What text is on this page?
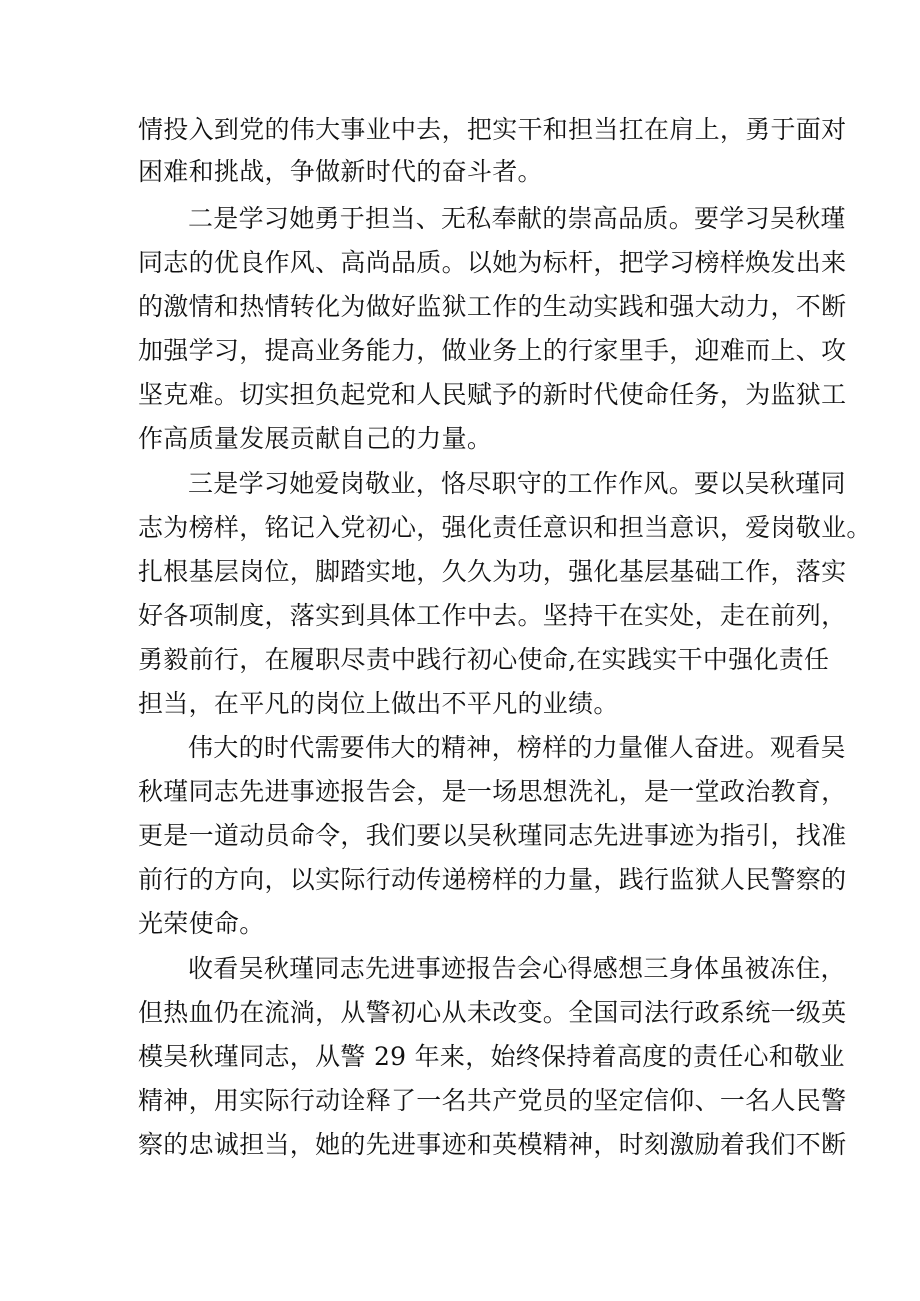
情投入到党的伟大事业中去，把实干和担当扛在肩上，勇于面对

困难和挑战，争做新时代的奋斗者。

二是学习她勇于担当、无私奉献的崇高品质。要学习吴秋瑾

同志的优良作风、高尚品质。以她为标杆，把学习榜样焕发出来

的激情和热情转化为做好监狱工作的生动实践和强大动力，不断

加强学习，提高业务能力，做业务上的行家里手，迎难而上、攻

坚克难。切实担负起党和人民赋予的新时代使命任务，为监狱工

作高质量发展贡献自己的力量。

三是学习她爱岗敬业，恪尽职守的工作作风。要以吴秋瑾同

志为榜样，铭记入党初心，强化责任意识和担当意识，爱岗敬业。

扎根基层岗位，脚踏实地，久久为功，强化基层基础工作，落实

好各项制度，落实到具体工作中去。坚持干在实处，走在前列，

勇毅前行，在履职尽责中践行初心使命,在实践实干中强化责任

担当，在平凡的岗位上做出不平凡的业绩。

伟大的时代需要伟大的精神，榜样的力量催人奋进。观看吴

秋瑾同志先进事迹报告会，是一场思想洗礼，是一堂政治教育，

更是一道动员命令，我们要以吴秋瑾同志先进事迹为指引，找准

前行的方向，以实际行动传递榜样的力量，践行监狱人民警察的

光荣使命。

收看吴秋瑾同志先进事迹报告会心得感想三身体虽被冻住，

但热血仍在流淌，从警初心从未改变。全国司法行政系统一级英

模吴秋瑾同志，从警 29 年来，始终保持着高度的责任心和敬业

精神，用实际行动诠释了一名共产党员的坚定信仰、一名人民警

察的忠诚担当，她的先进事迹和英模精神，时刻激励着我们不断
